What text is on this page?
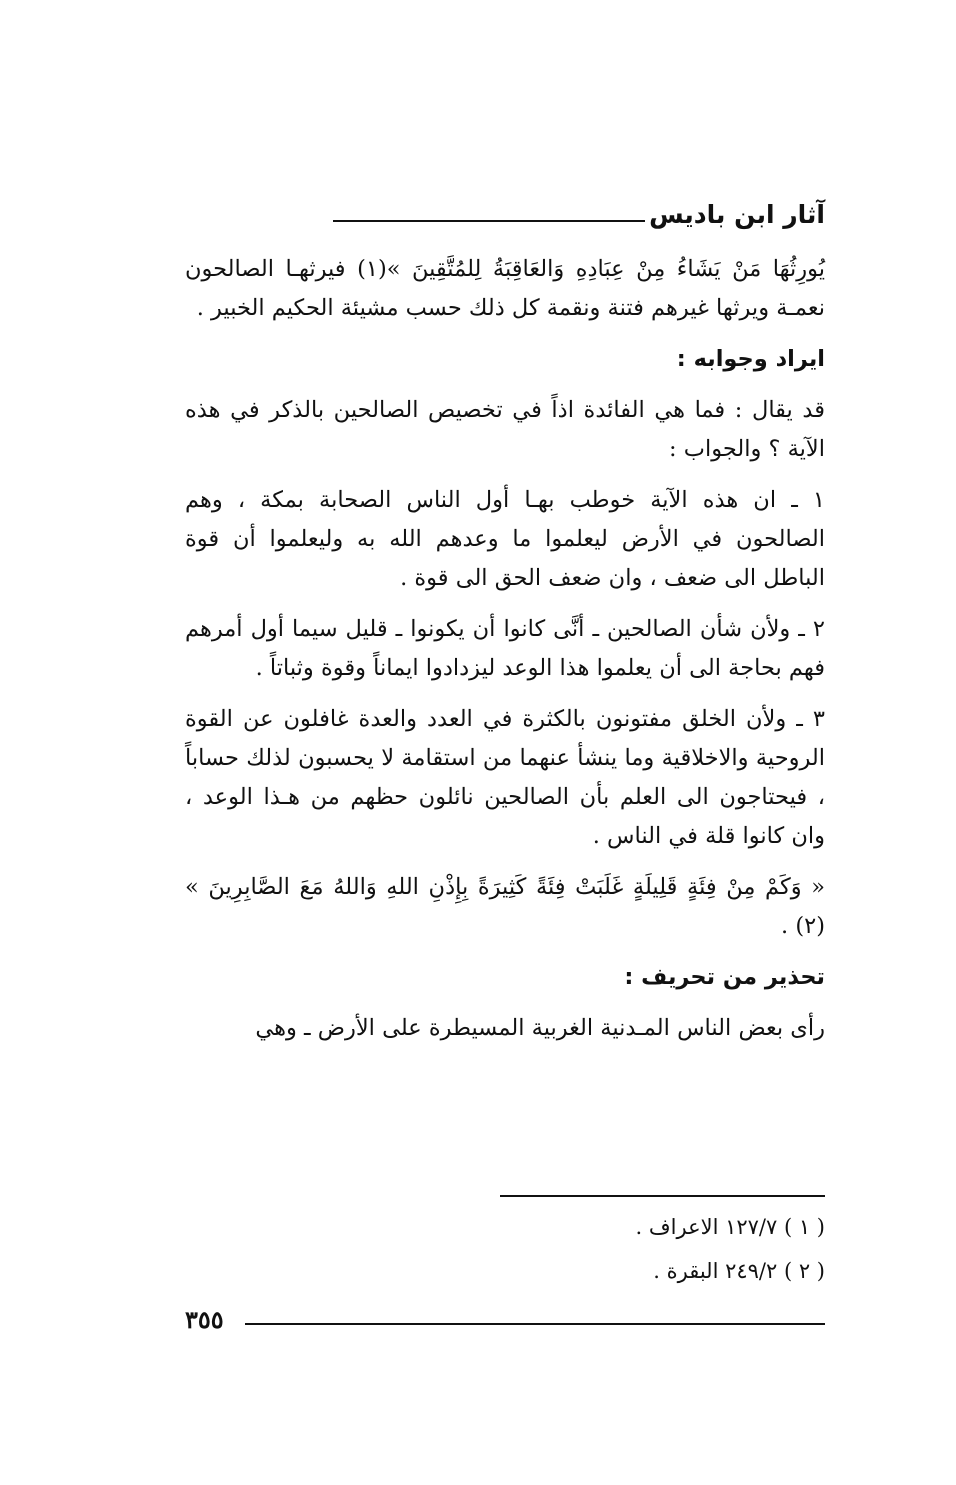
آثار ابن باديس

يُورِثُهَا مَنْ يَشَاءُ مِنْ عِبَادِهِ وَالعَاقِبَةُ لِلمُتَّقِينَ »(١) فيرثهـا الصالحون نعمـة ويرثها غيرهم فتنة ونقمة كل ذلك حسب مشيئة الحكيم الخبير .

ايراد وجوابه :

قد يقال : فما هي الفائدة اذاً في تخصيص الصالحين بالذكر في هذه الآية ؟ والجواب :

١ ـ ان هذه الآية خوطب بهـا أول الناس الصحابة بمكة ، وهم الصالحون في الأرض ليعلموا ما وعدهم الله به وليعلموا أن قوة الباطل الى ضعف ، وان ضعف الحق الى قوة .

٢ ـ ولأن شأن الصالحين ـ أنَّى كانوا أن يكونوا ـ قليل سيما أول أمرهم فهم بحاجة الى أن يعلموا هذا الوعد ليزدادوا ايماناً وقوة وثباتاً .

٣ ـ ولأن الخلق مفتونون بالكثرة في العدد والعدة غافلون عن القوة الروحية والاخلاقية وما ينشأ عنهما من استقامة لا يحسبون لذلك حساباً ، فيحتاجون الى العلم بأن الصالحين نائلون حظهم من هـذا الوعد ، وان كانوا قلة في الناس .

« وَكَمْ مِنْ فِئَةٍ قَلِيلَةٍ غَلَبَتْ فِئَةً كَثِيرَةً بِإِذْنِ اللهِ وَاللهُ مَعَ الصَّابِرِينَ » (٢) .

تحذير من تحريف :

رأى بعض الناس المـدنية الغربية المسيطرة على الأرض ـ وهي

( ١ ) ١٢٧/٧ الاعراف .

( ٢ ) ٢٤٩/٢ البقرة .

٣٥٥
